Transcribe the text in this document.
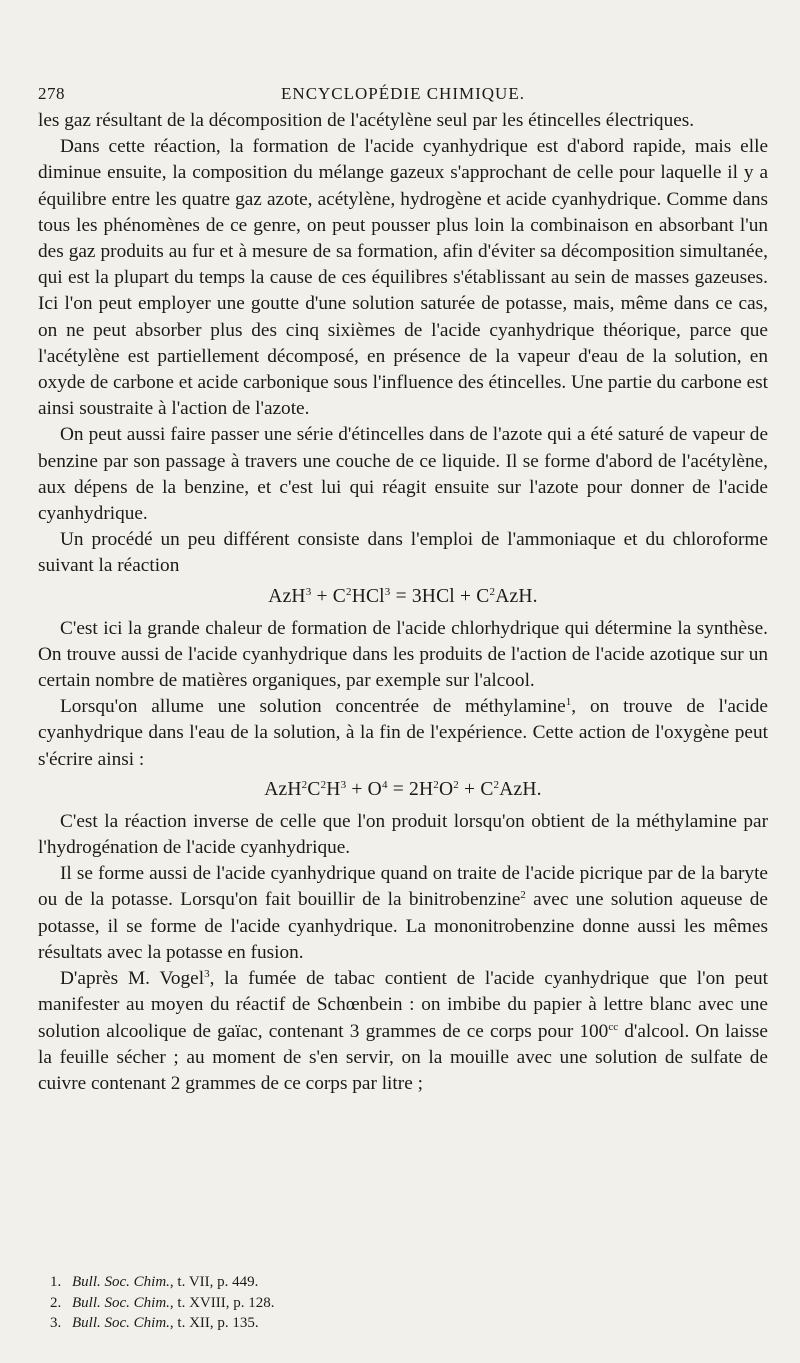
278	ENCYCLOPÉDIE CHIMIQUE.

les gaz résultant de la décomposition de l'acétylène seul par les étincelles électriques.

Dans cette réaction, la formation de l'acide cyanhydrique est d'abord rapide, mais elle diminue ensuite, la composition du mélange gazeux s'approchant de celle pour laquelle il y a équilibre entre les quatre gaz azote, acétylène, hydrogène et acide cyanhydrique. Comme dans tous les phénomènes de ce genre, on peut pousser plus loin la combinaison en absorbant l'un des gaz produits au fur et à mesure de sa formation, afin d'éviter sa décomposition simultanée, qui est la plupart du temps la cause de ces équilibres s'établissant au sein de masses gazeuses. Ici l'on peut employer une goutte d'une solution saturée de potasse, mais, même dans ce cas, on ne peut absorber plus des cinq sixièmes de l'acide cyanhydrique théorique, parce que l'acétylène est partiellement décomposé, en présence de la vapeur d'eau de la solution, en oxyde de carbone et acide carbonique sous l'influence des étincelles. Une partie du carbone est ainsi soustraite à l'action de l'azote.

On peut aussi faire passer une série d'étincelles dans de l'azote qui a été saturé de vapeur de benzine par son passage à travers une couche de ce liquide. Il se forme d'abord de l'acétylène, aux dépens de la benzine, et c'est lui qui réagit ensuite sur l'azote pour donner de l'acide cyanhydrique.

Un procédé un peu différent consiste dans l'emploi de l'ammoniaque et du chloroforme suivant la réaction

$AzH^3 + C^2HCl^3 = 3HCl + C^2AzH$.

C'est ici la grande chaleur de formation de l'acide chlorhydrique qui détermine la synthèse. On trouve aussi de l'acide cyanhydrique dans les produits de l'action de l'acide azotique sur un certain nombre de matières organiques, par exemple sur l'alcool.

Lorsqu'on allume une solution concentrée de méthylamine$^1$, on trouve de l'acide cyanhydrique dans l'eau de la solution, à la fin de l'expérience. Cette action de l'oxygène peut s'écrire ainsi :

$AzH^2C^2H^3 + O^4 = 2H^2O^2 + C^2AzH$.

C'est la réaction inverse de celle que l'on produit lorsqu'on obtient de la méthylamine par l'hydrogénation de l'acide cyanhydrique.

Il se forme aussi de l'acide cyanhydrique quand on traite de l'acide picrique par de la baryte ou de la potasse. Lorsqu'on fait bouillir de la binitrobenzine$^2$ avec une solution aqueuse de potasse, il se forme de l'acide cyanhydrique. La mononitrobenzine donne aussi les mêmes résultats avec la potasse en fusion.

D'après M. Vogel$^3$, la fumée de tabac contient de l'acide cyanhydrique que l'on peut manifester au moyen du réactif de Schœnbein : on imbibe du papier à lettre blanc avec une solution alcoolique de gaïac, contenant 3 grammes de ce corps pour $100^{cc}$ d'alcool. On laisse la feuille sécher ; au moment de s'en servir, on la mouille avec une solution de sulfate de cuivre contenant 2 grammes de ce corps par litre ;

1. Bull. Soc. Chim., t. VII, p. 449.
2. Bull. Soc. Chim., t. XVIII, p. 128.
3. Bull. Soc. Chim., t. XII, p. 135.
